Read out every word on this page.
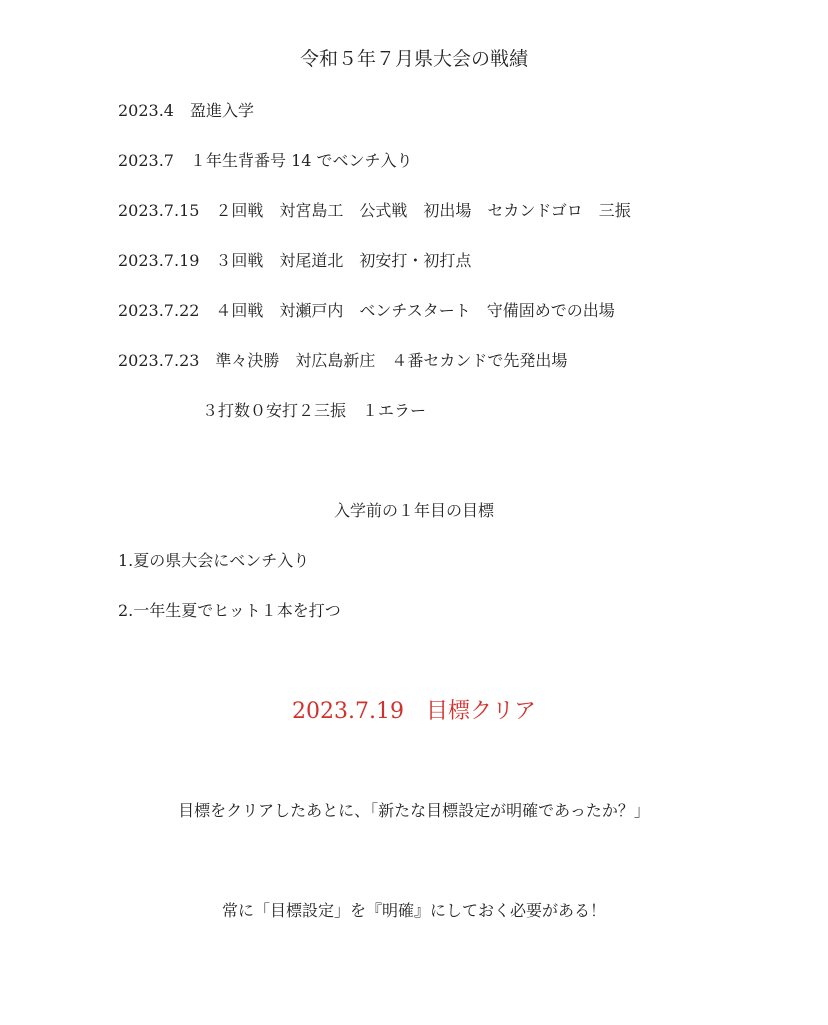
令和５年７月県大会の戦績
2023.4　盈進入学
2023.7　１年生背番号 14 でベンチ入り
2023.7.15　２回戦　対宮島工　公式戦　初出場　セカンドゴロ　三振
2023.7.19　３回戦　対尾道北　初安打・初打点
2023.7.22　４回戦　対瀬戸内　ベンチスタート　守備固めでの出場
2023.7.23　準々決勝　対広島新庄　４番セカンドで先発出場
３打数０安打２三振　１エラー
入学前の１年目の目標
1.夏の県大会にベンチ入り
2.一年生夏でヒット１本を打つ
2023.7.19　目標クリア
目標をクリアしたあとに、「新たな目標設定が明確であったか？」
常に「目標設定」を『明確』にしておく必要がある！
